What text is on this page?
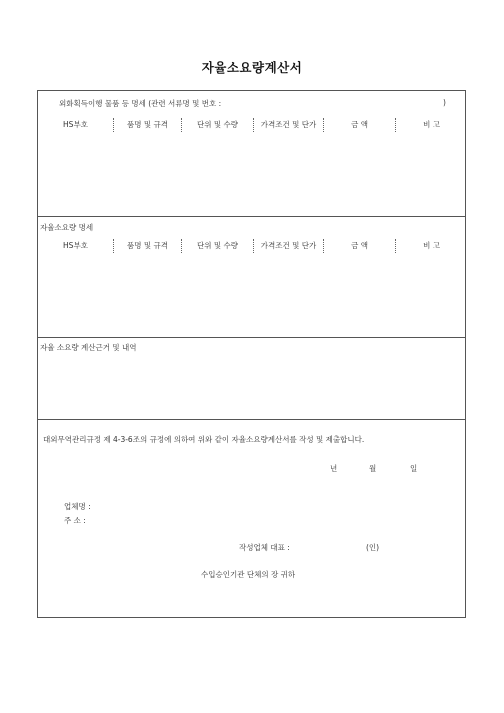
자율소요량계산서
외화획득이행 물품 등 명세 (관련 서류명 및 번호 :	)
HS부호	품명 및 규격	단위 및 수량	가격조건 및 단가	금 액	비 고
자율소요량 명세
HS부호	품명 및 규격	단위 및 수량	가격조건 및 단가	금 액	비 고
자율 소요량 계산근거 및 내역
대외무역관리규정 제 4-3-6조의 규정에 의하여 위와 같이 자율소요량계산서를 작성 및 제출합니다.
년	월	일
업체명 :
주 소 :
작성업체 대표 :	(인)
수입승인기관 단체의 장 귀하
